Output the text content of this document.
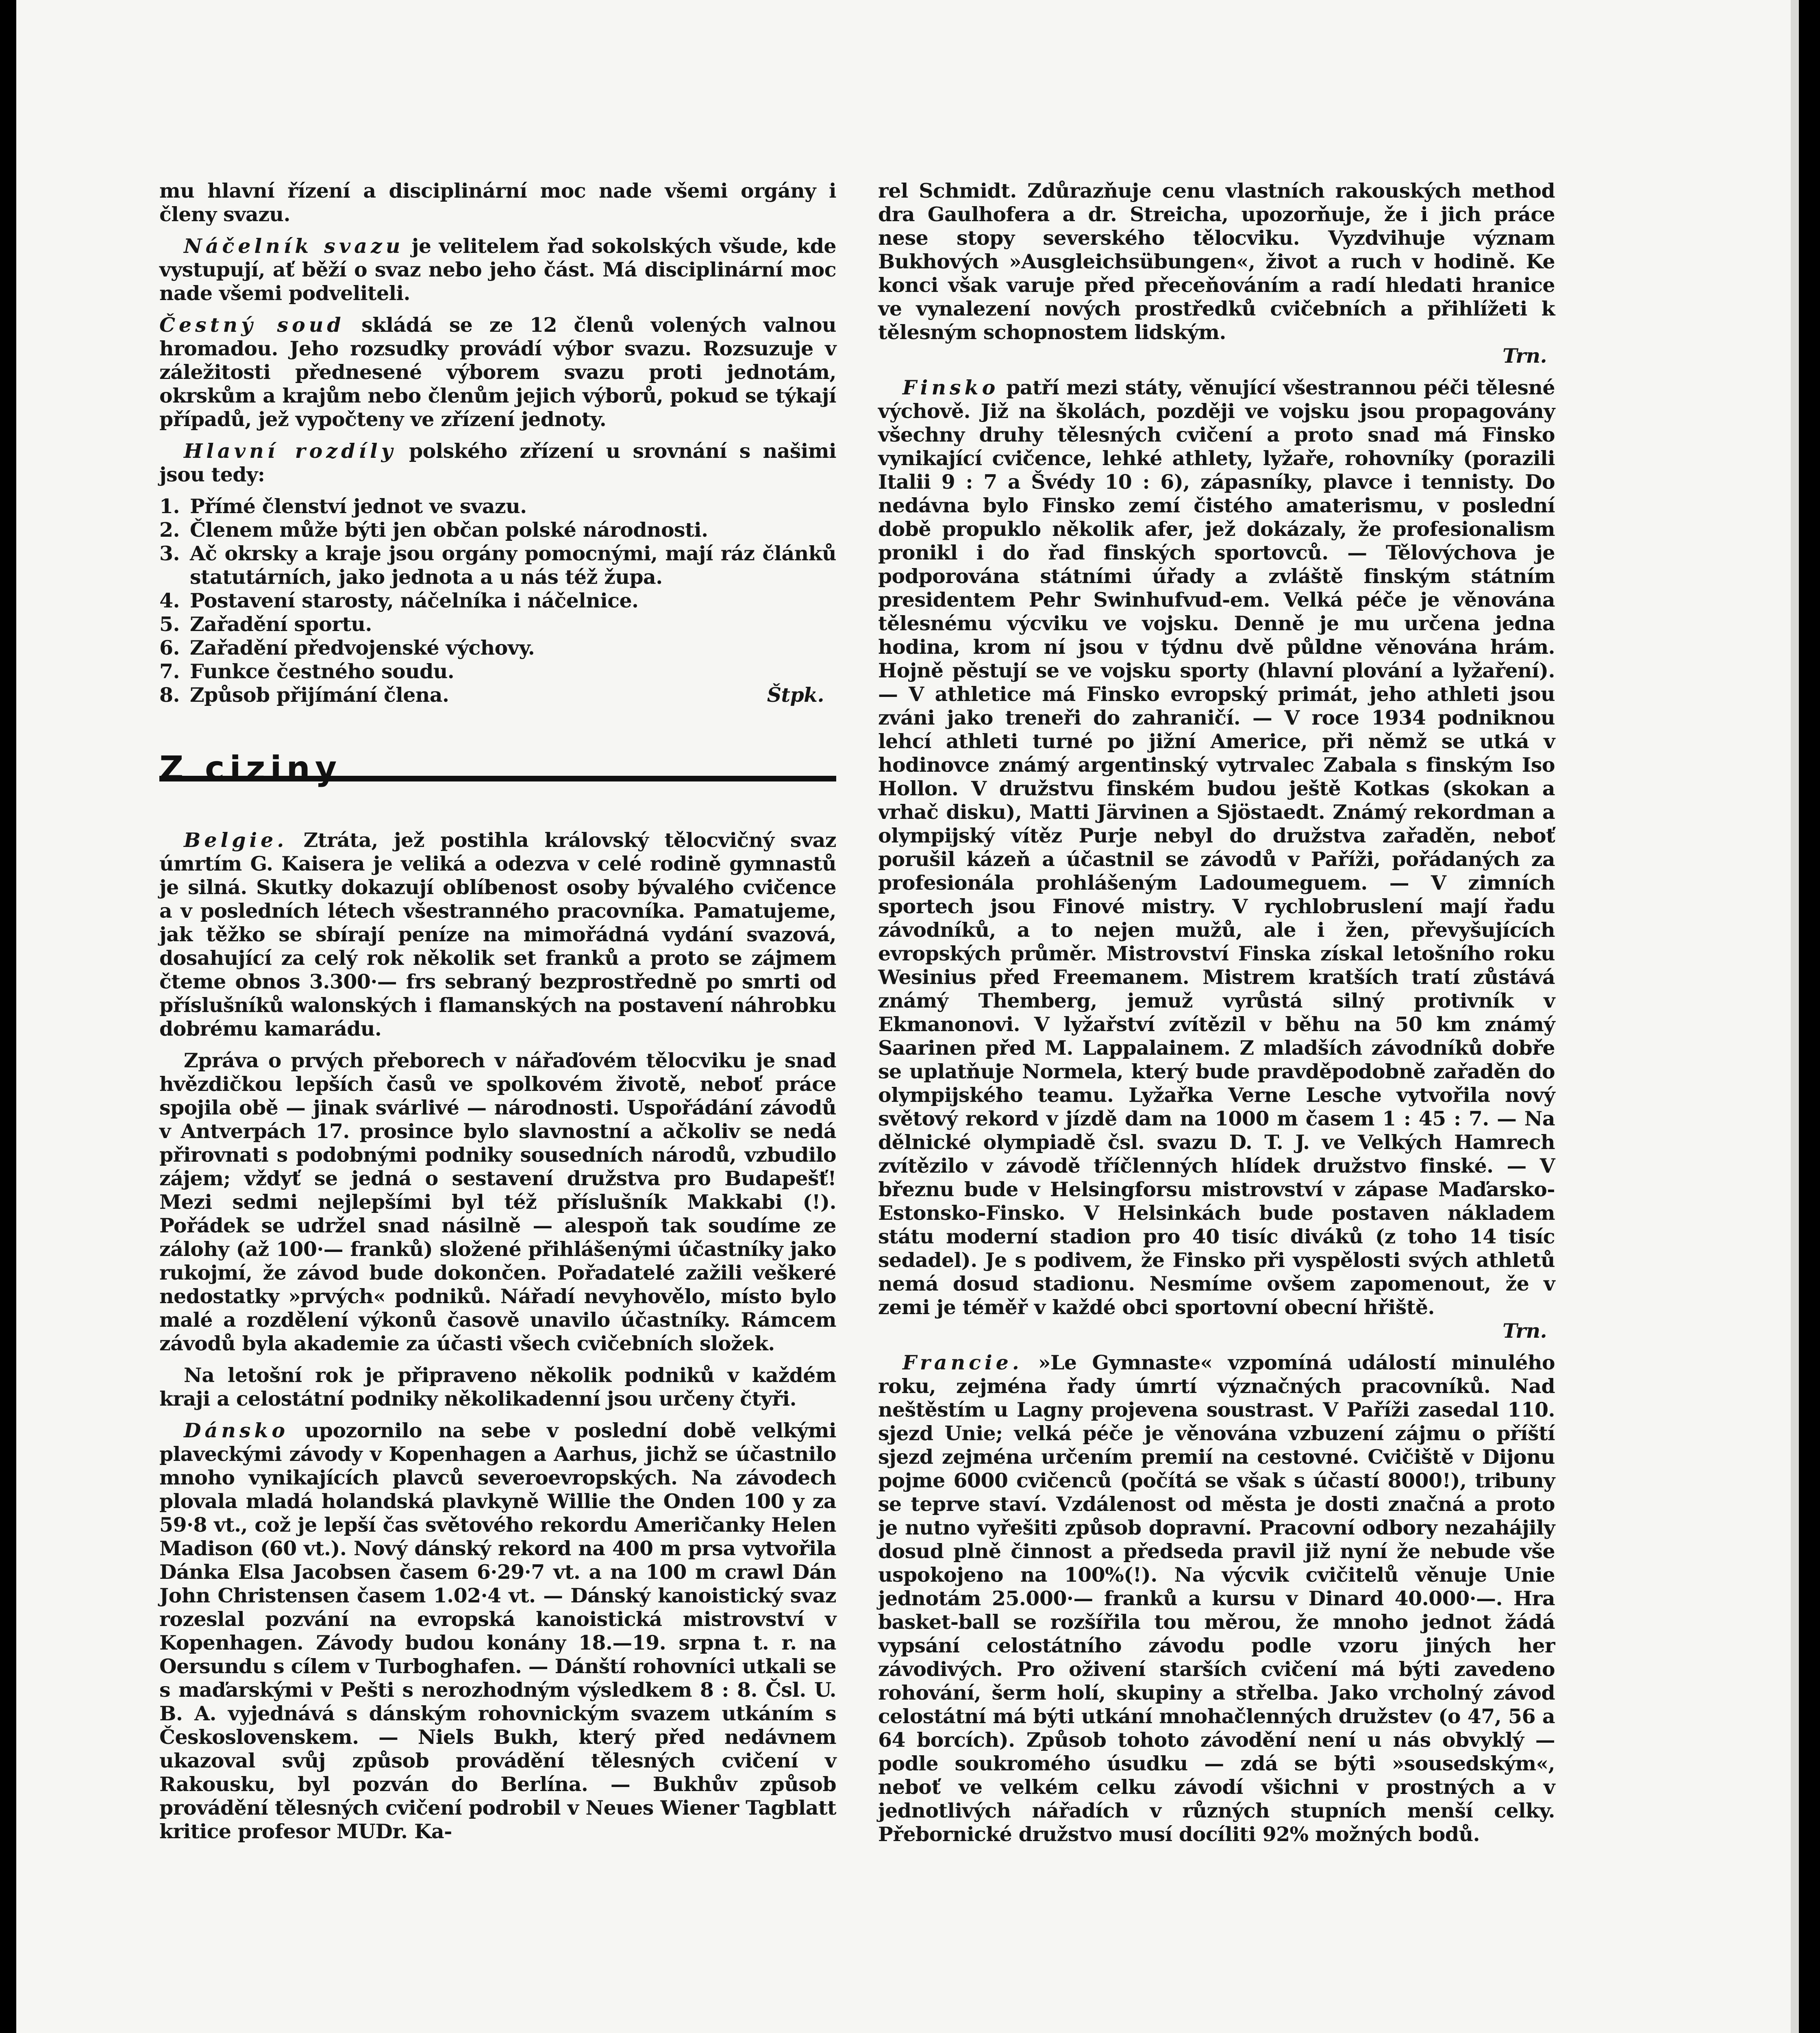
mu hlavní řízení a disciplinární moc nade všemi orgány i členy svazu.

Náčelník svazu je velitelem řad sokolských všude, kde vystupují, ať běží o svaz nebo jeho část. Má disciplinární moc nade všemi podveliteli.

Čestný soud skládá se ze 12 členů volených valnou hromadou. Jeho rozsudky provádí výbor svazu. Rozsuzuje v záležitosti přednesené výborem svazu proti jednotám, okrskům a krajům nebo členům jejich výborů, pokud se týkají případů, jež vypočteny ve zřízení jednoty.

Hlavní rozdíly polského zřízení u srovnání s našimi jsou tedy:

1. Přímé členství jednot ve svazu.
2. Členem může býti jen občan polské národnosti.
3. Ač okrsky a kraje jsou orgány pomocnými, mají ráz článků statutárních, jako jednota a u nás též župa.
4. Postavení starosty, náčelníka i náčelnice.
5. Zařadění sportu.
6. Zařadění předvojenské výchovy.
7. Funkce čestného soudu.
8. Způsob přijímání člena.	Štpk.
Z ciziny

Belgie. Ztráta, jež postihla královský tělocvičný svaz úmrtím G. Kaisera je veliká a odezva v celé rodině gymnastů je silná. Skutky dokazují oblíbenost osoby bývalého cvičence a v posledních létech všestranného pracovníka. Pamatujeme, jak těžko se sbírají peníze na mimořádná vydání svazová, dosahující za celý rok několik set franků a proto se zájmem čteme obnos 3.300·— frs sebraný bezprostředně po smrti od příslušníků walonských i flamanských na postavení náhrobku dobrému kamarádu.

Zpráva o prvých přeborech v nářaďovém tělocviku je snad hvězdičkou lepších časů ve spolkovém životě, neboť práce spojila obě — jinak svárlivé — národnosti. Uspořádání závodů v Antverpách 17. prosince bylo slavnostní a ačkoliv se nedá přirovnati s podobnými podniky sousedních národů, vzbudilo zájem; vždyť se jedná o sestavení družstva pro Budapešť! Mezi sedmi nejlepšími byl též příslušník Makkabi (!). Pořádek se udržel snad násilně — alespoň tak soudíme ze zálohy (až 100·— franků) složené přihlášenými účastníky jako rukojmí, že závod bude dokončen. Pořadatelé zažili veškeré nedostatky »prvých« podniků. Nářadí nevyhovělo, místo bylo malé a rozdělení výkonů časově unavilo účastníky. Rámcem závodů byla akademie za účasti všech cvičebních složek.

Na letošní rok je připraveno několik podniků v každém kraji a celostátní podniky několikadenní jsou určeny čtyři.

Dánsko upozornilo na sebe v poslední době velkými plaveckými závody v Kopenhagen a Aarhus, jichž se účastnilo mnoho vynikajících plavců severoevropských. Na závodech plovala mladá holandská plavkyně Willie the Onden 100 y za 59·8 vt., což je lepší čas světového rekordu Američanky Helen Madison (60 vt.). Nový dánský rekord na 400 m prsa vytvořila Dánka Elsa Jacobsen časem 6·29·7 vt. a na 100 m crawl Dán John Christensen časem 1.02·4 vt. — Dánský kanoistický svaz rozeslal pozvání na evropská kanoistická mistrovství v Kopenhagen. Závody budou konány 18.—19. srpna t. r. na Oersundu s cílem v Turboghafen. — Dánští rohovníci utkali se s maďarskými v Pešti s nerozhodným výsledkem 8 : 8. Čsl. U. B. A. vyjednává s dánským rohovnickým svazem utkáním s Československem. — Niels Bukh, který před nedávnem ukazoval svůj způsob provádění tělesných cvičení v Rakousku, byl pozván do Berlína. — Bukhův způsob provádění tělesných cvičení podrobil v Neues Wiener Tagblatt kritice profesor MUDr. Ka-

rel Schmidt. Zdůrazňuje cenu vlastních rakouských method dra Gaulhofera a dr. Streicha, upozorňuje, že i jich práce nese stopy severského tělocviku. Vyzdvihuje význam Bukhových »Ausgleichsübungen«, život a ruch v hodině. Ke konci však varuje před přeceňováním a radí hledati hranice ve vynalezení nových prostředků cvičebních a přihlížeti k tělesným schopnostem lidským.
Trn.

Finsko patří mezi státy, věnující všestrannou péči tělesné výchově. Již na školách, později ve vojsku jsou propagovány všechny druhy tělesných cvičení a proto snad má Finsko vynikající cvičence, lehké athlety, lyžaře, rohovníky (porazili Italii 9 : 7 a Švédy 10 : 6), zápasníky, plavce i tennisty. Do nedávna bylo Finsko zemí čistého amaterismu, v poslední době propuklo několik afer, jež dokázaly, že profesionalism pronikl i do řad finských sportovců. — Tělovýchova je podporována státními úřady a zvláště finským státním presidentem Pehr Swinhufvud-em. Velká péče je věnována tělesnému výcviku ve vojsku. Denně je mu určena jedna hodina, krom ní jsou v týdnu dvě půldne věnována hrám. Hojně pěstují se ve vojsku sporty (hlavní plování a lyžaření). — V athletice má Finsko evropský primát, jeho athleti jsou zváni jako treneři do zahraničí. — V roce 1934 podniknou lehcí athleti turné po jižní Americe, při němž se utká v hodinovce známý argentinský vytrvalec Zabala s finským Iso Hollon. V družstvu finském budou ještě Kotkas (skokan a vrhač disku), Matti Järvinen a Sjöstaedt. Známý rekordman a olympijský vítěz Purje nebyl do družstva zařaděn, neboť porušil kázeň a účastnil se závodů v Paříži, pořádaných za profesionála prohlášeným Ladoumeguem. — V zimních sportech jsou Finové mistry. V rychlobruslení mají řadu závodníků, a to nejen mužů, ale i žen, převyšujících evropských průměr. Mistrovství Finska získal letošního roku Wesinius před Freemanem. Mistrem kratších tratí zůstává známý Themberg, jemuž vyrůstá silný protivník v Ekmanonovi. V lyžařství zvítězil v běhu na 50 km známý Saarinen před M. Lappalainem. Z mladších závodníků dobře se uplatňuje Normela, který bude pravděpodobně zařaděn do olympijského teamu. Lyžařka Verne Lesche vytvořila nový světový rekord v jízdě dam na 1000 m časem 1 : 45 : 7. — Na dělnické olympiadě čsl. svazu D. T. J. ve Velkých Hamrech zvítězilo v závodě tříčlenných hlídek družstvo finské. — V březnu bude v Helsingforsu mistrovství v zápase Maďarsko-Estonsko-Finsko. V Helsinkách bude postaven nákladem státu moderní stadion pro 40 tisíc diváků (z toho 14 tisíc sedadel). Je s podivem, že Finsko při vyspělosti svých athletů nemá dosud stadionu. Nesmíme ovšem zapomenout, že v zemi je téměř v každé obci sportovní obecní hřiště.
Trn.

Francie. »Le Gymnaste« vzpomíná událostí minulého roku, zejména řady úmrtí význačných pracovníků. Nad neštěstím u Lagny projevena soustrast. V Paříži zasedal 110. sjezd Unie; velká péče je věnována vzbuzení zájmu o příští sjezd zejména určením premií na cestovné. Cvičiště v Dijonu pojme 6000 cvičenců (počítá se však s účastí 8000!), tribuny se teprve staví. Vzdálenost od města je dosti značná a proto je nutno vyřešiti způsob dopravní. Pracovní odbory nezahájily dosud plně činnost a předseda pravil již nyní že nebude vše uspokojeno na 100%(!). Na výcvik cvičitelů věnuje Unie jednotám 25.000·— franků a kursu v Dinard 40.000·—. Hra basket-ball se rozšířila tou měrou, že mnoho jednot žádá vypsání celostátního závodu podle vzoru jiných her závodivých. Pro oživení starších cvičení má býti zavedeno rohování, šerm holí, skupiny a střelba. Jako vrcholný závod celostátní má býti utkání mnohačlenných družstev (o 47, 56 a 64 borcích). Způsob tohoto závodění není u nás obvyklý — podle soukromého úsudku — zdá se býti »sousedským«, neboť ve velkém celku závodí všichni v prostných a v jednotlivých nářadích v různých stupních menší celky. Přebornické družstvo musí docíliti 92% možných bodů.
